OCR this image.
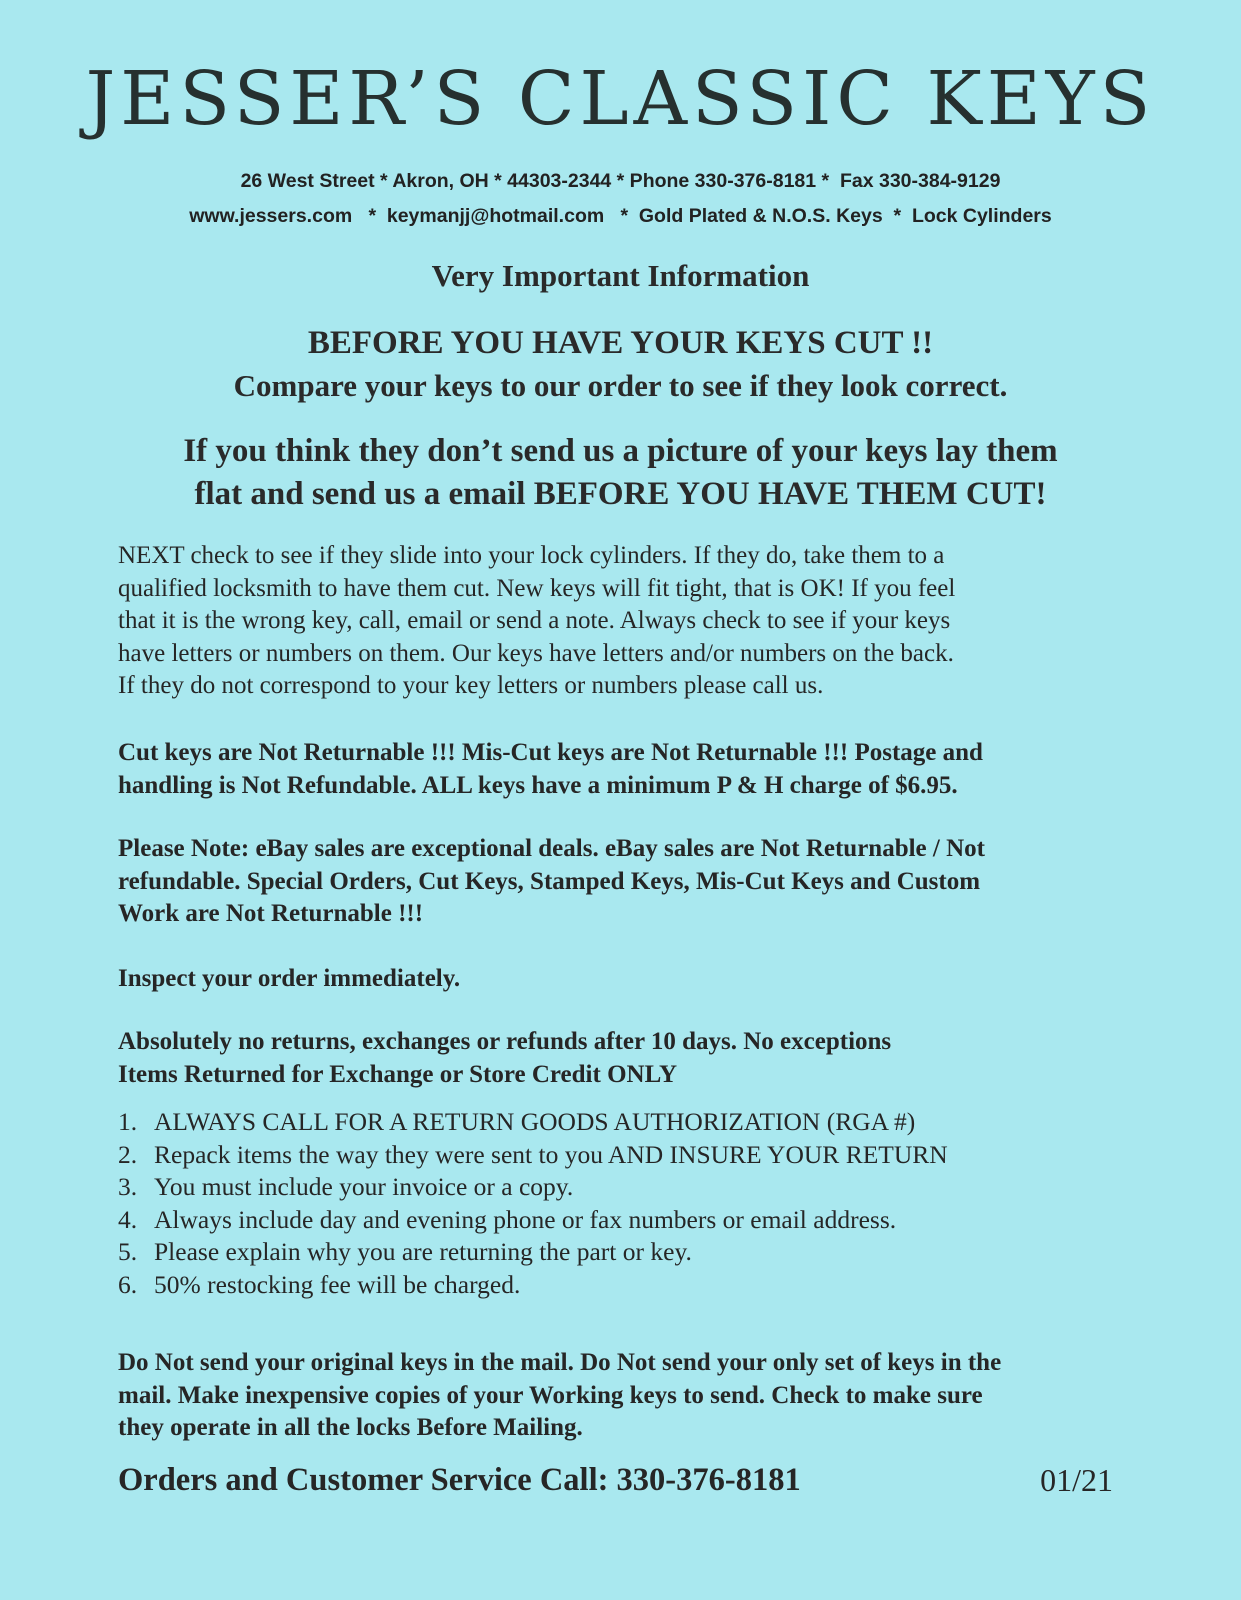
JESSER’S CLASSIC KEYS
26 West Street * Akron, OH * 44303-2344 * Phone 330-376-8181 *  Fax 330-384-9129
www.jessers.com   *  keymanjj@hotmail.com   *  Gold Plated & N.O.S. Keys  *  Lock Cylinders
Very Important Information
BEFORE YOU HAVE YOUR KEYS CUT !!
Compare your keys to our order to see if they look correct.
If you think they don’t send us a picture of your keys lay them
flat and send us a email BEFORE YOU HAVE THEM CUT!
NEXT check to see if they slide into your lock cylinders. If they do, take them to a
qualified locksmith to have them cut. New keys will fit tight, that is OK! If you feel
that it is the wrong key, call, email or send a note. Always check to see if your keys
have letters or numbers on them. Our keys have letters and/or numbers on the back.
If they do not correspond to your key letters or numbers please call us.
Cut keys are Not Returnable !!! Mis-Cut keys are Not Returnable !!! Postage and
handling is Not Refundable. ALL keys have a minimum P & H charge of $6.95.
Please Note: eBay sales are exceptional deals. eBay sales are Not Returnable / Not
refundable. Special Orders, Cut Keys, Stamped Keys, Mis-Cut Keys and Custom
Work are Not Returnable !!!
Inspect your order immediately.
Absolutely no returns, exchanges or refunds after 10 days. No exceptions
Items Returned for Exchange or Store Credit ONLY
1. ALWAYS CALL FOR A RETURN GOODS AUTHORIZATION (RGA #)
2. Repack items the way they were sent to you AND INSURE YOUR RETURN
3. You must include your invoice or a copy.
4. Always include day and evening phone or fax numbers or email address.
5. Please explain why you are returning the part or key.
6. 50% restocking fee will be charged.
Do Not send your original keys in the mail. Do Not send your only set of keys in the
mail. Make inexpensive copies of your Working keys to send. Check to make sure
they operate in all the locks Before Mailing.
Orders and Customer Service Call: 330-376-8181	01/21
